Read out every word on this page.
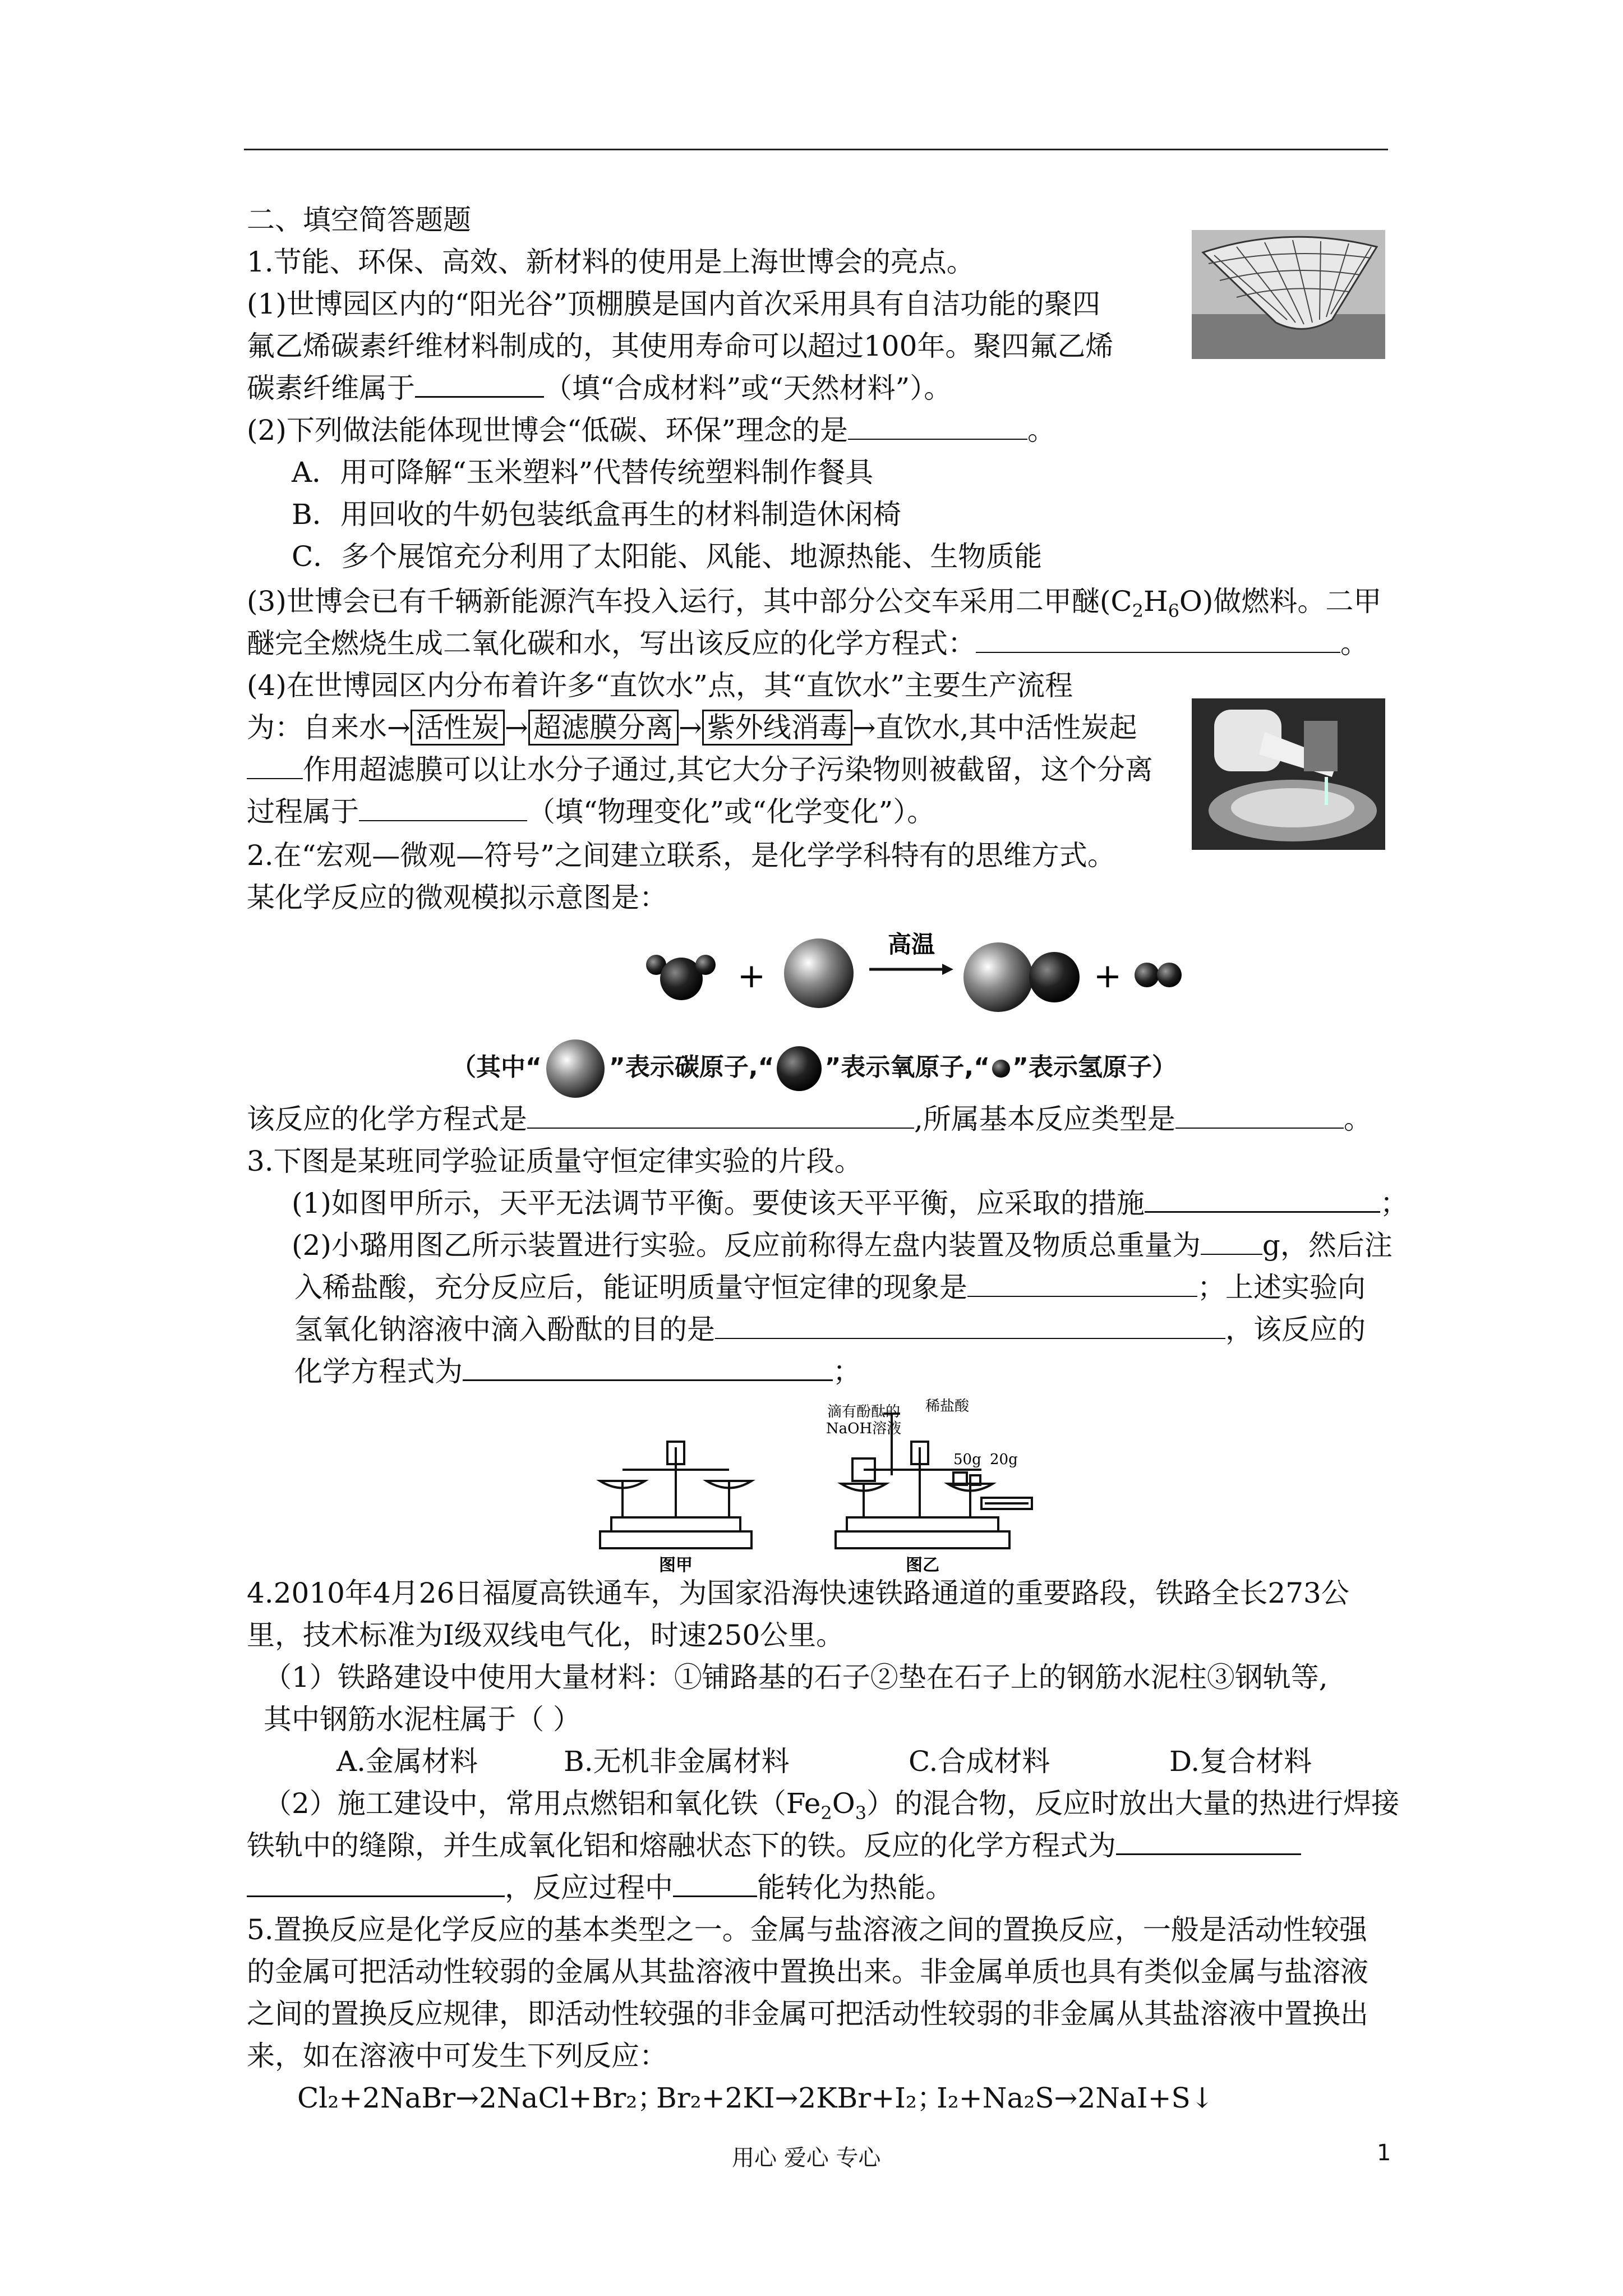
二、填空简答题题
1.节能、环保、高效、新材料的使用是上海世博会的亮点。
(1)世博园区内的“阳光谷”顶棚膜是国内首次采用具有自洁功能的聚四
氟乙烯碳素纤维材料制成的，其使用寿命可以超过100年。聚四氟乙烯
碳素纤维属于	（填“合成材料”或“天然材料”）。
(2)下列做法能体现世博会“低碳、环保”理念的是	。
A．用可降解“玉米塑料”代替传统塑料制作餐具
B．用回收的牛奶包装纸盒再生的材料制造休闲椅
C．多个展馆充分利用了太阳能、风能、地源热能、生物质能
(3)世博会已有千辆新能源汽车投入运行，其中部分公交车采用二甲醚$(C_2H_6O)$做燃料。二甲
醚完全燃烧生成二氧化碳和水，写出该反应的化学方程式：	。
(4)在世博园区内分布着许多“直饮水”点，其“直饮水”主要生产流程
为：自来水→ 活性炭 → 超滤膜分离 → 紫外线消毒 →直饮水,其中活性炭起
作用超滤膜可以让水分子通过,其它大分子污染物则被截留，这个分离
过程属于	（填“物理变化”或“化学变化”）。
2.在“宏观—微观—符号”之间建立联系，是化学学科特有的思维方式。
某化学反应的微观模拟示意图是：
+
高温
+
（其中“	”表示碳原子,“ ”表示氧原子,“ ”表示氢原子）
该反应的化学方程式是	,所属基本反应类型是	。
3.下图是某班同学验证质量守恒定律实验的片段。
(1)如图甲所示，天平无法调节平衡。要使该天平平衡，应采取的措施	；
(2)小璐用图乙所示装置进行实验。反应前称得左盘内装置及物质总重量为 g，然后注
入稀盐酸，充分反应后，能证明质量守恒定律的现象是	；上述实验向
氢氧化钠溶液中滴入酚酞的目的是	，该反应的
化学方程式为	；
滴有酚酞的
NaOH溶液
稀盐酸
50g 20g
图甲	图乙
4.2010年4月26日福厦高铁通车，为国家沿海快速铁路通道的重要路段，铁路全长273公
里，技术标准为Ⅰ级双线电气化，时速250公里。
（1）铁路建设中使用大量材料：①铺路基的石子②垫在石子上的钢筋水泥柱③钢轨等,
其中钢筋水泥柱属于（ ）
A.金属材料	B.无机非金属材料	C.合成材料	D.复合材料
（2）施工建设中，常用点燃铝和氧化铁$(Fe_2O_3)$的混合物，反应时放出大量的热进行焊接
铁轨中的缝隙，并生成氧化铝和熔融状态下的铁。反应的化学方程式为
，反应过程中	能转化为热能。
5.置换反应是化学反应的基本类型之一。金属与盐溶液之间的置换反应，一般是活动性较强
的金属可把活动性较弱的金属从其盐溶液中置换出来。非金属单质也具有类似金属与盐溶液
之间的置换反应规律，即活动性较强的非金属可把活动性较弱的非金属从其盐溶液中置换出
来，如在溶液中可发生下列反应：
Cl₂+2NaBr→2NaCl+Br₂；
Br₂+2KI→2KBr+I₂；
I₂+Na₂S→2NaI+S↓
用心 爱心 专心	1
